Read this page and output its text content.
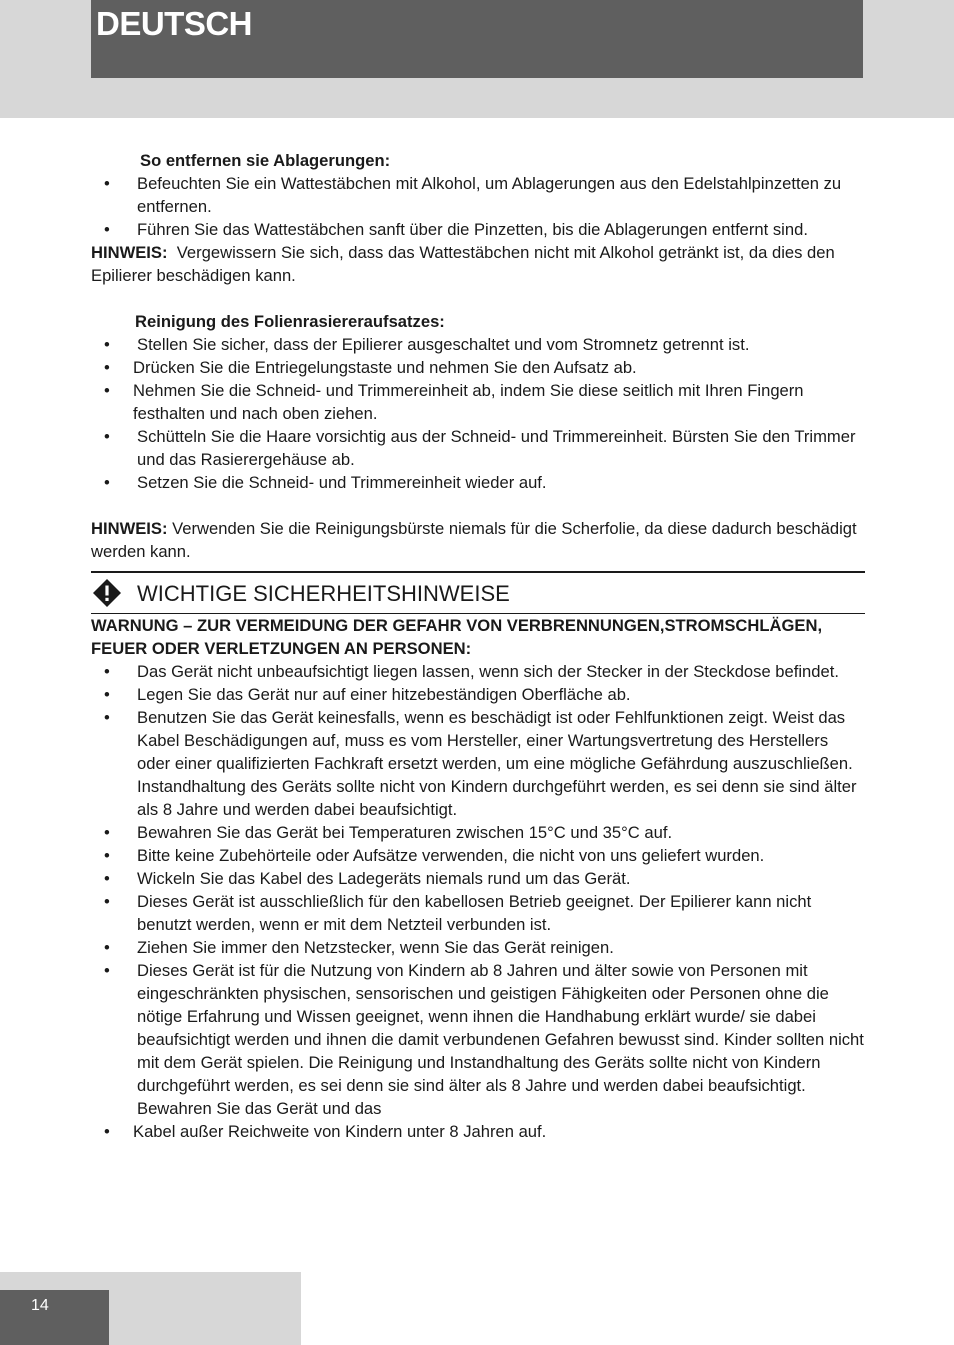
DEUTSCH

So entfernen sie Ablagerungen:

• Befeuchten Sie ein Wattestäbchen mit Alkohol, um Ablagerungen aus den Edelstahlpinzetten zu entfernen.
• Führen Sie das Wattestäbchen sanft über die Pinzetten, bis die Ablagerungen entfernt sind.

HINWEIS: Vergewissern Sie sich, dass das Wattestäbchen nicht mit Alkohol getränkt ist, da dies den Epilierer beschädigen kann.

Reinigung des Folienrasiereraufsatzes:

• Stellen Sie sicher, dass der Epilierer ausgeschaltet und vom Stromnetz getrennt ist.
• Drücken Sie die Entriegelungstaste und nehmen Sie den Aufsatz ab.
• Nehmen Sie die Schneid- und Trimmereinheit ab, indem Sie diese seitlich mit Ihren Fingern festhalten und nach oben ziehen.
• Schütteln Sie die Haare vorsichtig aus der Schneid- und Trimmereinheit. Bürsten Sie den Trimmer und das Rasierergehäuse ab.
• Setzen Sie die Schneid- und Trimmereinheit wieder auf.

HINWEIS: Verwenden Sie die Reinigungsbürste niemals für die Scherfolie, da diese dadurch beschädigt werden kann.

WICHTIGE SICHERHEITSHINWEISE

WARNUNG – ZUR VERMEIDUNG DER GEFAHR VON VERBRENNUNGEN,STROMSCHLÄGEN, FEUER ODER VERLETZUNGEN AN PERSONEN:

• Das Gerät nicht unbeaufsichtigt liegen lassen, wenn sich der Stecker in der Steckdose befindet.
• Legen Sie das Gerät nur auf einer hitzebeständigen Oberfläche ab.
• Benutzen Sie das Gerät keinesfalls, wenn es beschädigt ist oder Fehlfunktionen zeigt. Weist das Kabel Beschädigungen auf, muss es vom Hersteller, einer Wartungsvertretung des Herstellers oder einer qualifizierten Fachkraft ersetzt werden, um eine mögliche Gefährdung auszuschließen. Instandhaltung des Geräts sollte nicht von Kindern durchgeführt werden, es sei denn sie sind älter als 8 Jahre und werden dabei beaufsichtigt.
• Bewahren Sie das Gerät bei Temperaturen zwischen 15°C und 35°C auf.
• Bitte keine Zubehörteile oder Aufsätze verwenden, die nicht von uns geliefert wurden.
• Wickeln Sie das Kabel des Ladegeräts niemals rund um das Gerät.
• Dieses Gerät ist ausschließlich für den kabellosen Betrieb geeignet. Der Epilierer kann nicht benutzt werden, wenn er mit dem Netzteil verbunden ist.
• Ziehen Sie immer den Netzstecker, wenn Sie das Gerät reinigen.
• Dieses Gerät ist für die Nutzung von Kindern ab 8 Jahren und älter sowie von Personen mit eingeschränkten physischen, sensorischen und geistigen Fähigkeiten oder Personen ohne die nötige Erfahrung und Wissen geeignet, wenn ihnen die Handhabung erklärt wurde/ sie dabei beaufsichtigt werden und ihnen die damit verbundenen Gefahren bewusst sind. Kinder sollten nicht mit dem Gerät spielen. Die Reinigung und Instandhaltung des Geräts sollte nicht von Kindern durchgeführt werden, es sei denn sie sind älter als 8 Jahre und werden dabei beaufsichtigt. Bewahren Sie das Gerät und das
• Kabel außer Reichweite von Kindern unter 8 Jahren auf.
14
